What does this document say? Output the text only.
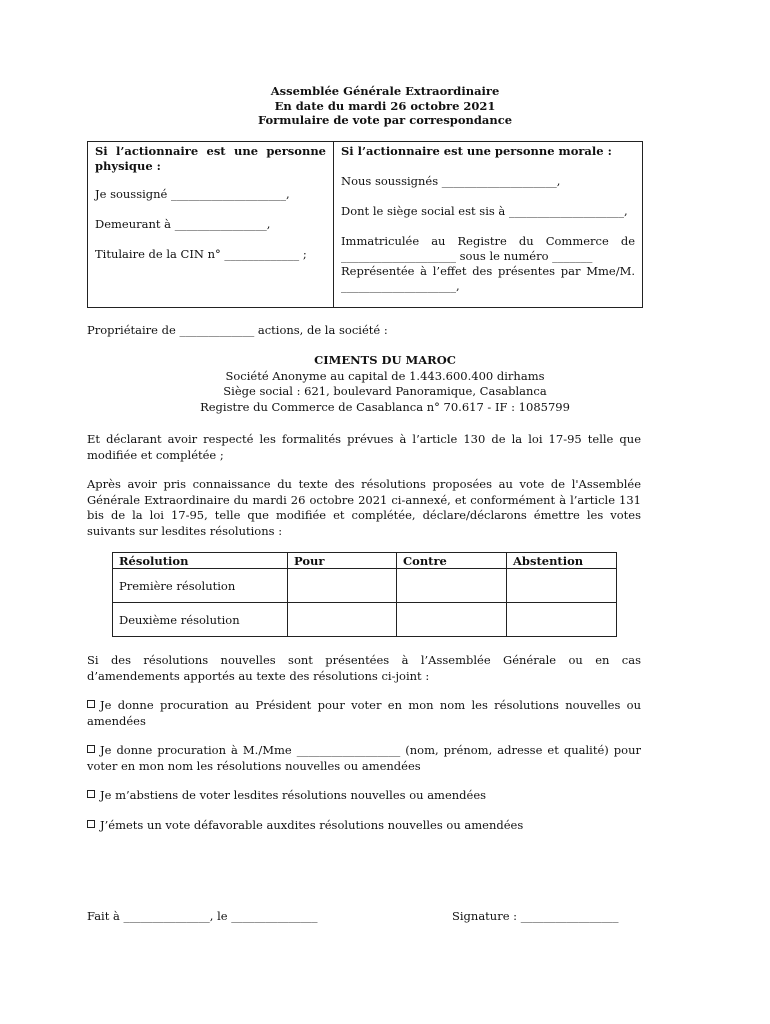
Assemblée Générale Extraordinaire
En date du mardi 26 octobre 2021
Formulaire de vote par correspondance

Si l’actionnaire est une personne physique :

Je soussigné ____________________,

Demeurant à ________________,

Titulaire de la CIN n° _____________ ;

Si l’actionnaire est une personne morale :

Nous soussignés ____________________,

Dont le siège social est sis à ____________________,

Immatriculée au Registre du Commerce de

____________________ sous le numéro _______

Représentée à l’effet des présentes par Mme/M.

____________________,

Propriétaire de _____________ actions, de la société :
CIMENTS DU MAROC
Société Anonyme au capital de 1.443.600.400 dirhams
Siège social : 621, boulevard Panoramique, Casablanca
Registre du Commerce de Casablanca n° 70.617 - IF : 1085799
Et déclarant avoir respecté les formalités prévues à l’article 130 de la loi 17-95 telle que modifiée et complétée ;
Après avoir pris connaissance du texte des résolutions proposées au vote de l'Assemblée Générale Extraordinaire du mardi 26 octobre 2021 ci-annexé, et conformément à l’article 131 bis de la loi 17-95, telle que modifiée et complétée, déclare/déclarons émettre les votes suivants sur lesdites résolutions :
Résolution	Pour	Contre	Abstention
Première résolution			
Deuxième résolution			
Si des résolutions nouvelles sont présentées à l’Assemblée Générale ou en cas d’amendements apportés au texte des résolutions ci-joint :
Je donne procuration au Président pour voter en mon nom les résolutions nouvelles ou amendées
Je donne procuration à M./Mme __________________ (nom, prénom, adresse et qualité) pour voter en mon nom les résolutions nouvelles ou amendées
Je m’abstiens de voter lesdites résolutions nouvelles ou amendées
J’émets un vote défavorable auxdites résolutions nouvelles ou amendées
Fait à _______________, le _______________	Signature : _________________
